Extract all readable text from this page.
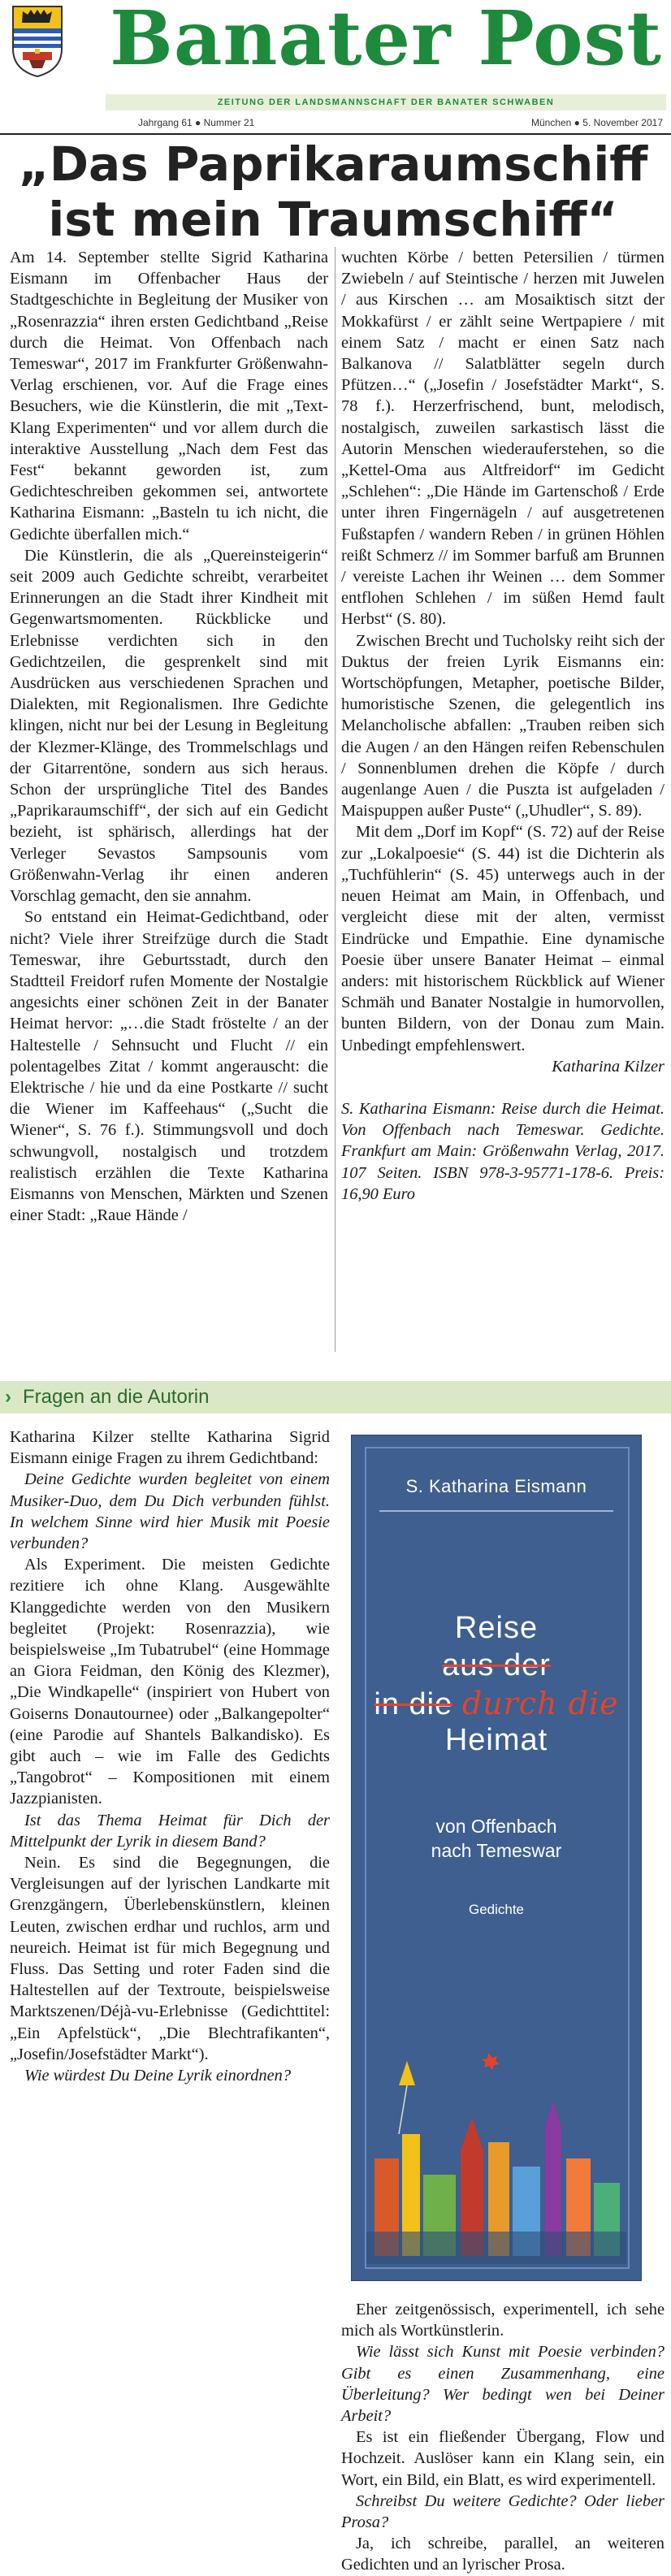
Banater Post
ZEITUNG DER LANDSMANNSCHAFT DER BANATER SCHWABEN
Jahrgang 61 ● Nummer 21	München ● 5. November 2017
„Das Paprikaraumschiff
ist mein Traumschiff“

Am 14. September stellte Sigrid Katharina Eismann im Offenbacher Haus der Stadtgeschichte in Begleitung der Musiker von „Rosenrazzia“ ihren ersten Gedichtband „Reise durch die Heimat. Von Offenbach nach Temeswar“, 2017 im Frankfurter Größenwahn-Verlag erschienen, vor. Auf die Frage eines Besuchers, wie die Künstlerin, die mit „Text-Klang Experimenten“ und vor allem durch die interaktive Ausstellung „Nach dem Fest das Fest“ bekannt geworden ist, zum Gedichteschreiben gekommen sei, antwortete Katharina Eismann: „Basteln tu ich nicht, die Gedichte überfallen mich.“

Die Künstlerin, die als „Quereinsteigerin“ seit 2009 auch Gedichte schreibt, verarbeitet Erinnerungen an die Stadt ihrer Kindheit mit Gegenwartsmomenten. Rückblicke und Erlebnisse verdichten sich in den Gedichtzeilen, die gesprenkelt sind mit Ausdrücken aus verschiedenen Sprachen und Dialekten, mit Regionalismen. Ihre Gedichte klingen, nicht nur bei der Lesung in Begleitung der Klezmer-Klänge, des Trommelschlags und der Gitarrentöne, sondern aus sich heraus. Schon der ursprüngliche Titel des Bandes „Paprikaraumschiff“, der sich auf ein Gedicht bezieht, ist sphärisch, allerdings hat der Verleger Sevastos Sampsounis vom Größenwahn-Verlag ihr einen anderen Vorschlag gemacht, den sie annahm.

So entstand ein Heimat-Gedichtband, oder nicht? Viele ihrer Streifzüge durch die Stadt Temeswar, ihre Geburtsstadt, durch den Stadtteil Freidorf rufen Momente der Nostalgie angesichts einer schönen Zeit in der Banater Heimat hervor: „…die Stadt fröstelte / an der Haltestelle / Sehnsucht und Flucht // ein polentagelbes Zitat / kommt angerauscht: die Elektrische / hie und da eine Postkarte // sucht die Wiener im Kaffeehaus“ („Sucht die Wiener“, S. 76 f.). Stimmungsvoll und doch schwungvoll, nostalgisch und trotzdem realistisch erzählen die Texte Katharina Eismanns von Menschen, Märkten und Szenen einer Stadt: „Raue Hände /

wuchten Körbe / betten Petersilien / türmen Zwiebeln / auf Steintische / herzen mit Juwelen / aus Kirschen … am Mosaiktisch sitzt der Mokkafürst / er zählt seine Wertpapiere / mit einem Satz / macht er einen Satz nach Balkanova // Salatblätter segeln durch Pfützen…“ („Josefin / Josefstädter Markt“, S. 78 f.). Herzerfrischend, bunt, melodisch, nostalgisch, zuweilen sarkastisch lässt die Autorin Menschen wiederauferstehen, so die „Kettel-Oma aus Altfreidorf“ im Gedicht „Schlehen“: „Die Hände im Gartenschoß / Erde unter ihren Fingernägeln / auf ausgetretenen Fußstapfen / wandern Reben / in grünen Höhlen reißt Schmerz // im Sommer barfuß am Brunnen / vereiste Lachen ihr Weinen … dem Sommer entflohen Schlehen / im süßen Hemd fault Herbst“ (S. 80).

Zwischen Brecht und Tucholsky reiht sich der Duktus der freien Lyrik Eismanns ein: Wortschöpfungen, Metapher, poetische Bilder, humoristische Szenen, die gelegentlich ins Melancholische abfallen: „Trauben reiben sich die Augen / an den Hängen reifen Rebenschulen / Sonnenblumen drehen die Köpfe / durch augenlange Auen / die Puszta ist aufgeladen / Maispuppen außer Puste“ („Uhudler“, S. 89).

Mit dem „Dorf im Kopf“ (S. 72) auf der Reise zur „Lokalpoesie“ (S. 44) ist die Dichterin als „Tuchfühlerin“ (S. 45) unterwegs auch in der neuen Heimat am Main, in Offenbach, und vergleicht diese mit der alten, vermisst Eindrücke und Empathie. Eine dynamische Poesie über unsere Banater Heimat – einmal anders: mit historischem Rückblick auf Wiener Schmäh und Banater Nostalgie in humorvollen, bunten Bildern, von der Donau zum Main. Unbedingt empfehlenswert.

Katharina Kilzer

S. Katharina Eismann: Reise durch die Heimat. Von Offenbach nach Temeswar. Gedichte. Frankfurt am Main: Größenwahn Verlag, 2017. 107 Seiten. ISBN 978-3-95771-178-6. Preis: 16,90 Euro

› Fragen an die Autorin

Katharina Kilzer stellte Katharina Sigrid Eismann einige Fragen zu ihrem Gedichtband:

Deine Gedichte wurden begleitet von einem Musiker-Duo, dem Du Dich verbunden fühlst. In welchem Sinne wird hier Musik mit Poesie verbunden?

Als Experiment. Die meisten Gedichte rezitiere ich ohne Klang. Ausgewählte Klanggedichte werden von den Musikern begleitet (Projekt: Rosenrazzia), wie beispielsweise „Im Tubatrubel“ (eine Hommage an Giora Feidman, den König des Klezmer), „Die Windkapelle“ (inspiriert von Hubert von Goiserns Donautournee) oder „Balkangepolter“ (eine Parodie auf Shantels Balkandisko). Es gibt auch – wie im Falle des Gedichts „Tangobrot“ – Kompositionen mit einem Jazzpianisten.

Ist das Thema Heimat für Dich der Mittelpunkt der Lyrik in diesem Band?

Nein. Es sind die Begegnungen, die Vergleisungen auf der lyrischen Landkarte mit Grenzgängern, Überlebenskünstlern, kleinen Leuten, zwischen erdhar und ruchlos, arm und neureich. Heimat ist für mich Begegnung und Fluss. Das Setting und roter Faden sind die Haltestellen auf der Textroute, beispielsweise Marktszenen/Déjà-vu-Erlebnisse (Gedichttitel: „Ein Apfelstück“, „Die Blechtrafikanten“, „Josefin/Josefstädter Markt“).

Wie würdest Du Deine Lyrik einordnen?

S. Katharina Eismann
Reise
aus der
in die durch die
Heimat
von Offenbach
nach Temeswar
Gedichte

Eher zeitgenössisch, experimentell, ich sehe mich als Wortkünstlerin.

Wie lässt sich Kunst mit Poesie verbinden? Gibt es einen Zusammenhang, eine Überleitung? Wer bedingt wen bei Deiner Arbeit?

Es ist ein fließender Übergang, Flow und Hochzeit. Auslöser kann ein Klang sein, ein Wort, ein Bild, ein Blatt, es wird experimentell.

Schreibst Du weitere Gedichte? Oder lieber Prosa?

Ja, ich schreibe, parallel, an weiteren Gedichten und an lyrischer Prosa.
